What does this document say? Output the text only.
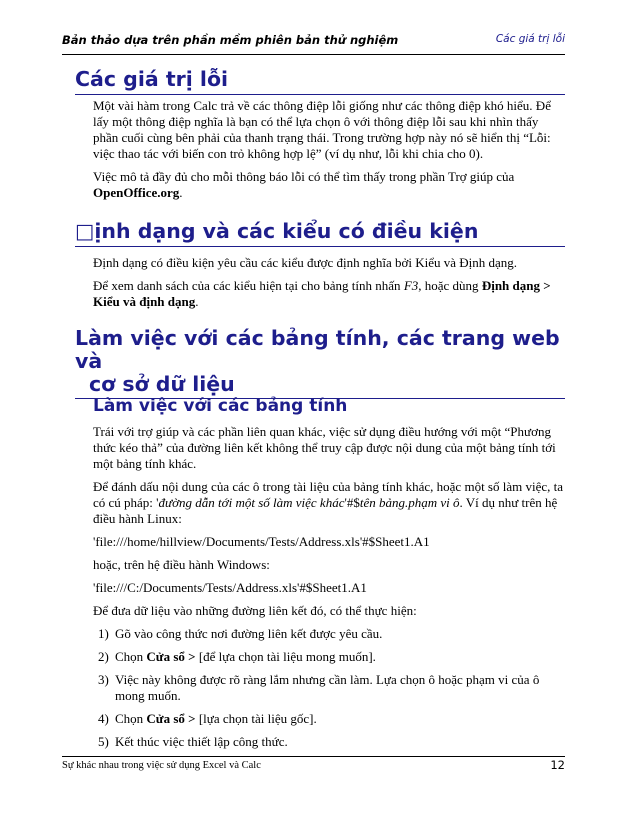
Bản thảo dựa trên phần mềm phiên bản thử nghiệm	Các giá trị lỗi
Các giá trị lỗi

Một vài hàm trong Calc trả về các thông điệp lỗi giống như các thông điệp khó hiểu. Để lấy một thông điệp nghĩa là bạn có thể lựa chọn ô với thông điệp lỗi sau khi nhìn thấy phần cuối cùng bên phải của thanh trạng thái. Trong trường hợp này nó sẽ hiển thị “Lỗi: việc thao tác với biến con trỏ không hợp lệ” (ví dụ như, lỗi khi chia cho 0).

Việc mô tả đầy đủ cho mỗi thông báo lỗi có thể tìm thấy trong phần Trợ giúp của OpenOffice.org.

□ịnh dạng và các kiểu có điều kiện

Định dạng có điều kiện yêu cầu các kiểu được định nghĩa bởi Kiểu và Định dạng.

Để xem danh sách của các kiểu hiện tại cho bảng tính nhấn F3, hoặc dùng Định dạng > Kiểu và định dạng.

Làm việc với các bảng tính, các trang web và
cơ sở dữ liệu
Làm việc với các bảng tính

Trái với trợ giúp và các phần liên quan khác, việc sử dụng điều hướng với một “Phương thức kéo thả” của đường liên kết không thể truy cập được nội dung của một bảng tính tới một bảng tính khác.

Để đánh dấu nội dung của các ô trong tài liệu của bảng tính khác, hoặc một số làm việc, ta có cú pháp: 'đường dẫn tới một số làm việc khác'#$tên bảng.phạm vi ô. Ví dụ như trên hệ điều hành Linux:

'file:///home/hillview/Documents/Tests/Address.xls'#$Sheet1.A1

hoặc, trên hệ điều hành Windows:

'file:///C:/Documents/Tests/Address.xls'#$Sheet1.A1

Để đưa dữ liệu vào những đường liên kết đó, có thể thực hiện:

1) Gõ vào công thức nơi đường liên kết được yêu cầu.
2) Chọn Cửa sổ > [để lựa chọn tài liệu mong muốn].
3) Việc này không được rõ ràng lắm nhưng cần làm. Lựa chọn ô hoặc phạm vi của ô mong muốn.
4) Chọn Cửa sổ > [lựa chọn tài liệu gốc].
5) Kết thúc việc thiết lập công thức.
Sự khác nhau trong việc sử dụng Excel và Calc	12
